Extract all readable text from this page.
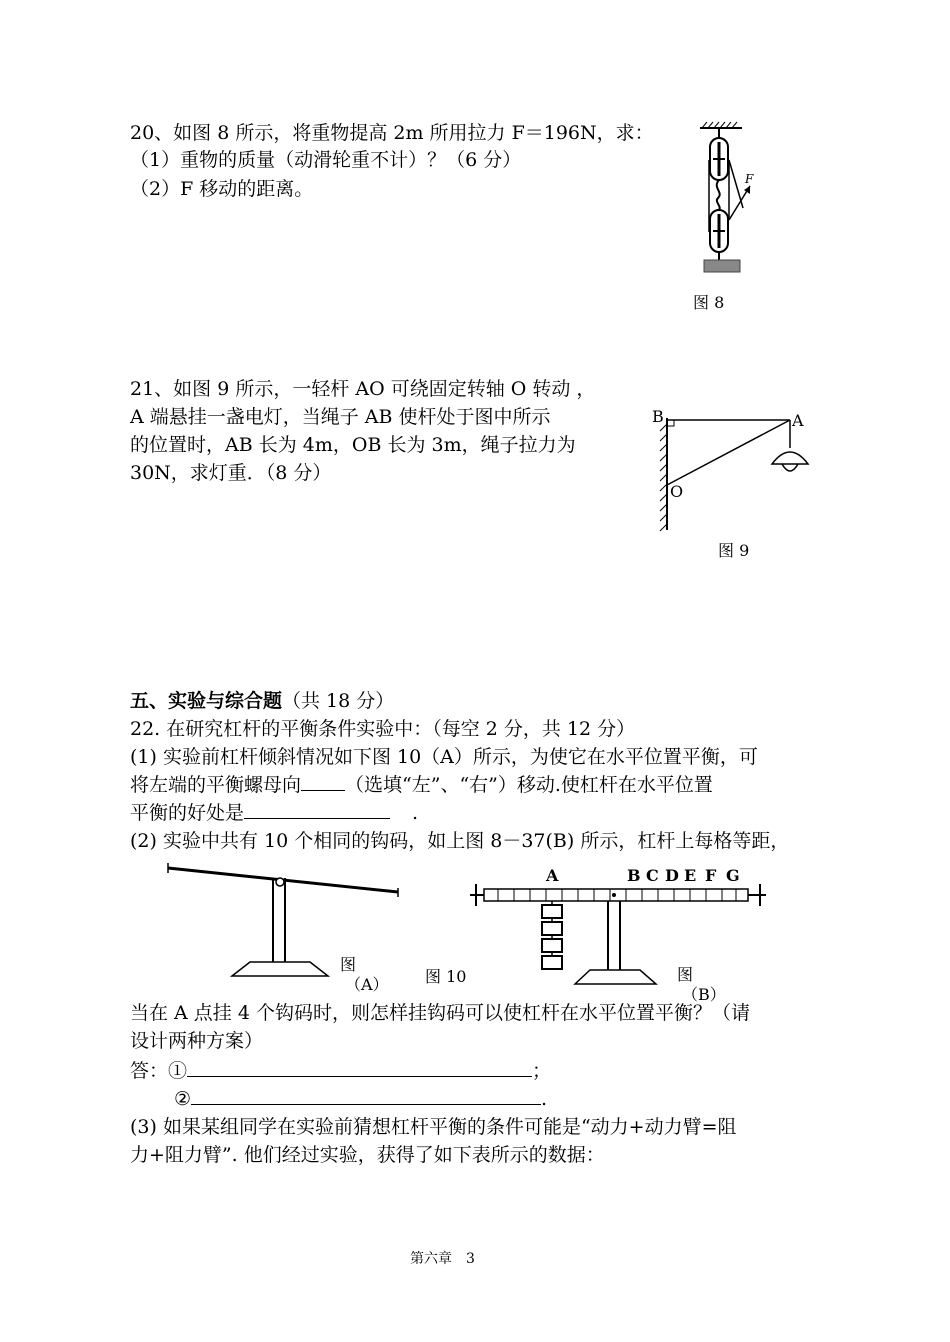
20、如图 8 所示，将重物提高 2m 所用拉力 F＝196N，求：
（1）重物的质量（动滑轮重不计）？（6 分）
（2）F 移动的距离。	F
图 8
21、如图 9 所示，一轻杆 AO 可绕固定转轴 O 转动 ，
A 端悬挂一盏电灯，当绳子 AB 使杆处于图中所示
的位置时，AB 长为 4m，OB 长为 3m，绳子拉力为
30N，求灯重．（8 分）
B	A
O
图 9
五、实验与综合题（共 18 分）
22. 在研究杠杆的平衡条件实验中：（每空 2 分，共 12 分）
(1) 实验前杠杆倾斜情况如下图 10（A）所示，为使它在水平位置平衡，可
将左端的平衡螺母向 （选填“左”、“右”）移动.使杠杆在水平位置
平衡的好处是	.
(2) 实验中共有 10 个相同的钩码，如上图 8－37(B) 所示，杠杆上每格等距，
图
（A） 图 10
A	B C D E F G
图
（B）
当在 A 点挂 4 个钩码时，则怎样挂钩码可以使杠杆在水平位置平衡？（请
设计两种方案）
答：①	；
②	.
(3) 如果某组同学在实验前猜想杠杆平衡的条件可能是“动力+动力臂=阻
力+阻力臂”. 他们经过实验，获得了如下表所示的数据：
第六章　3
